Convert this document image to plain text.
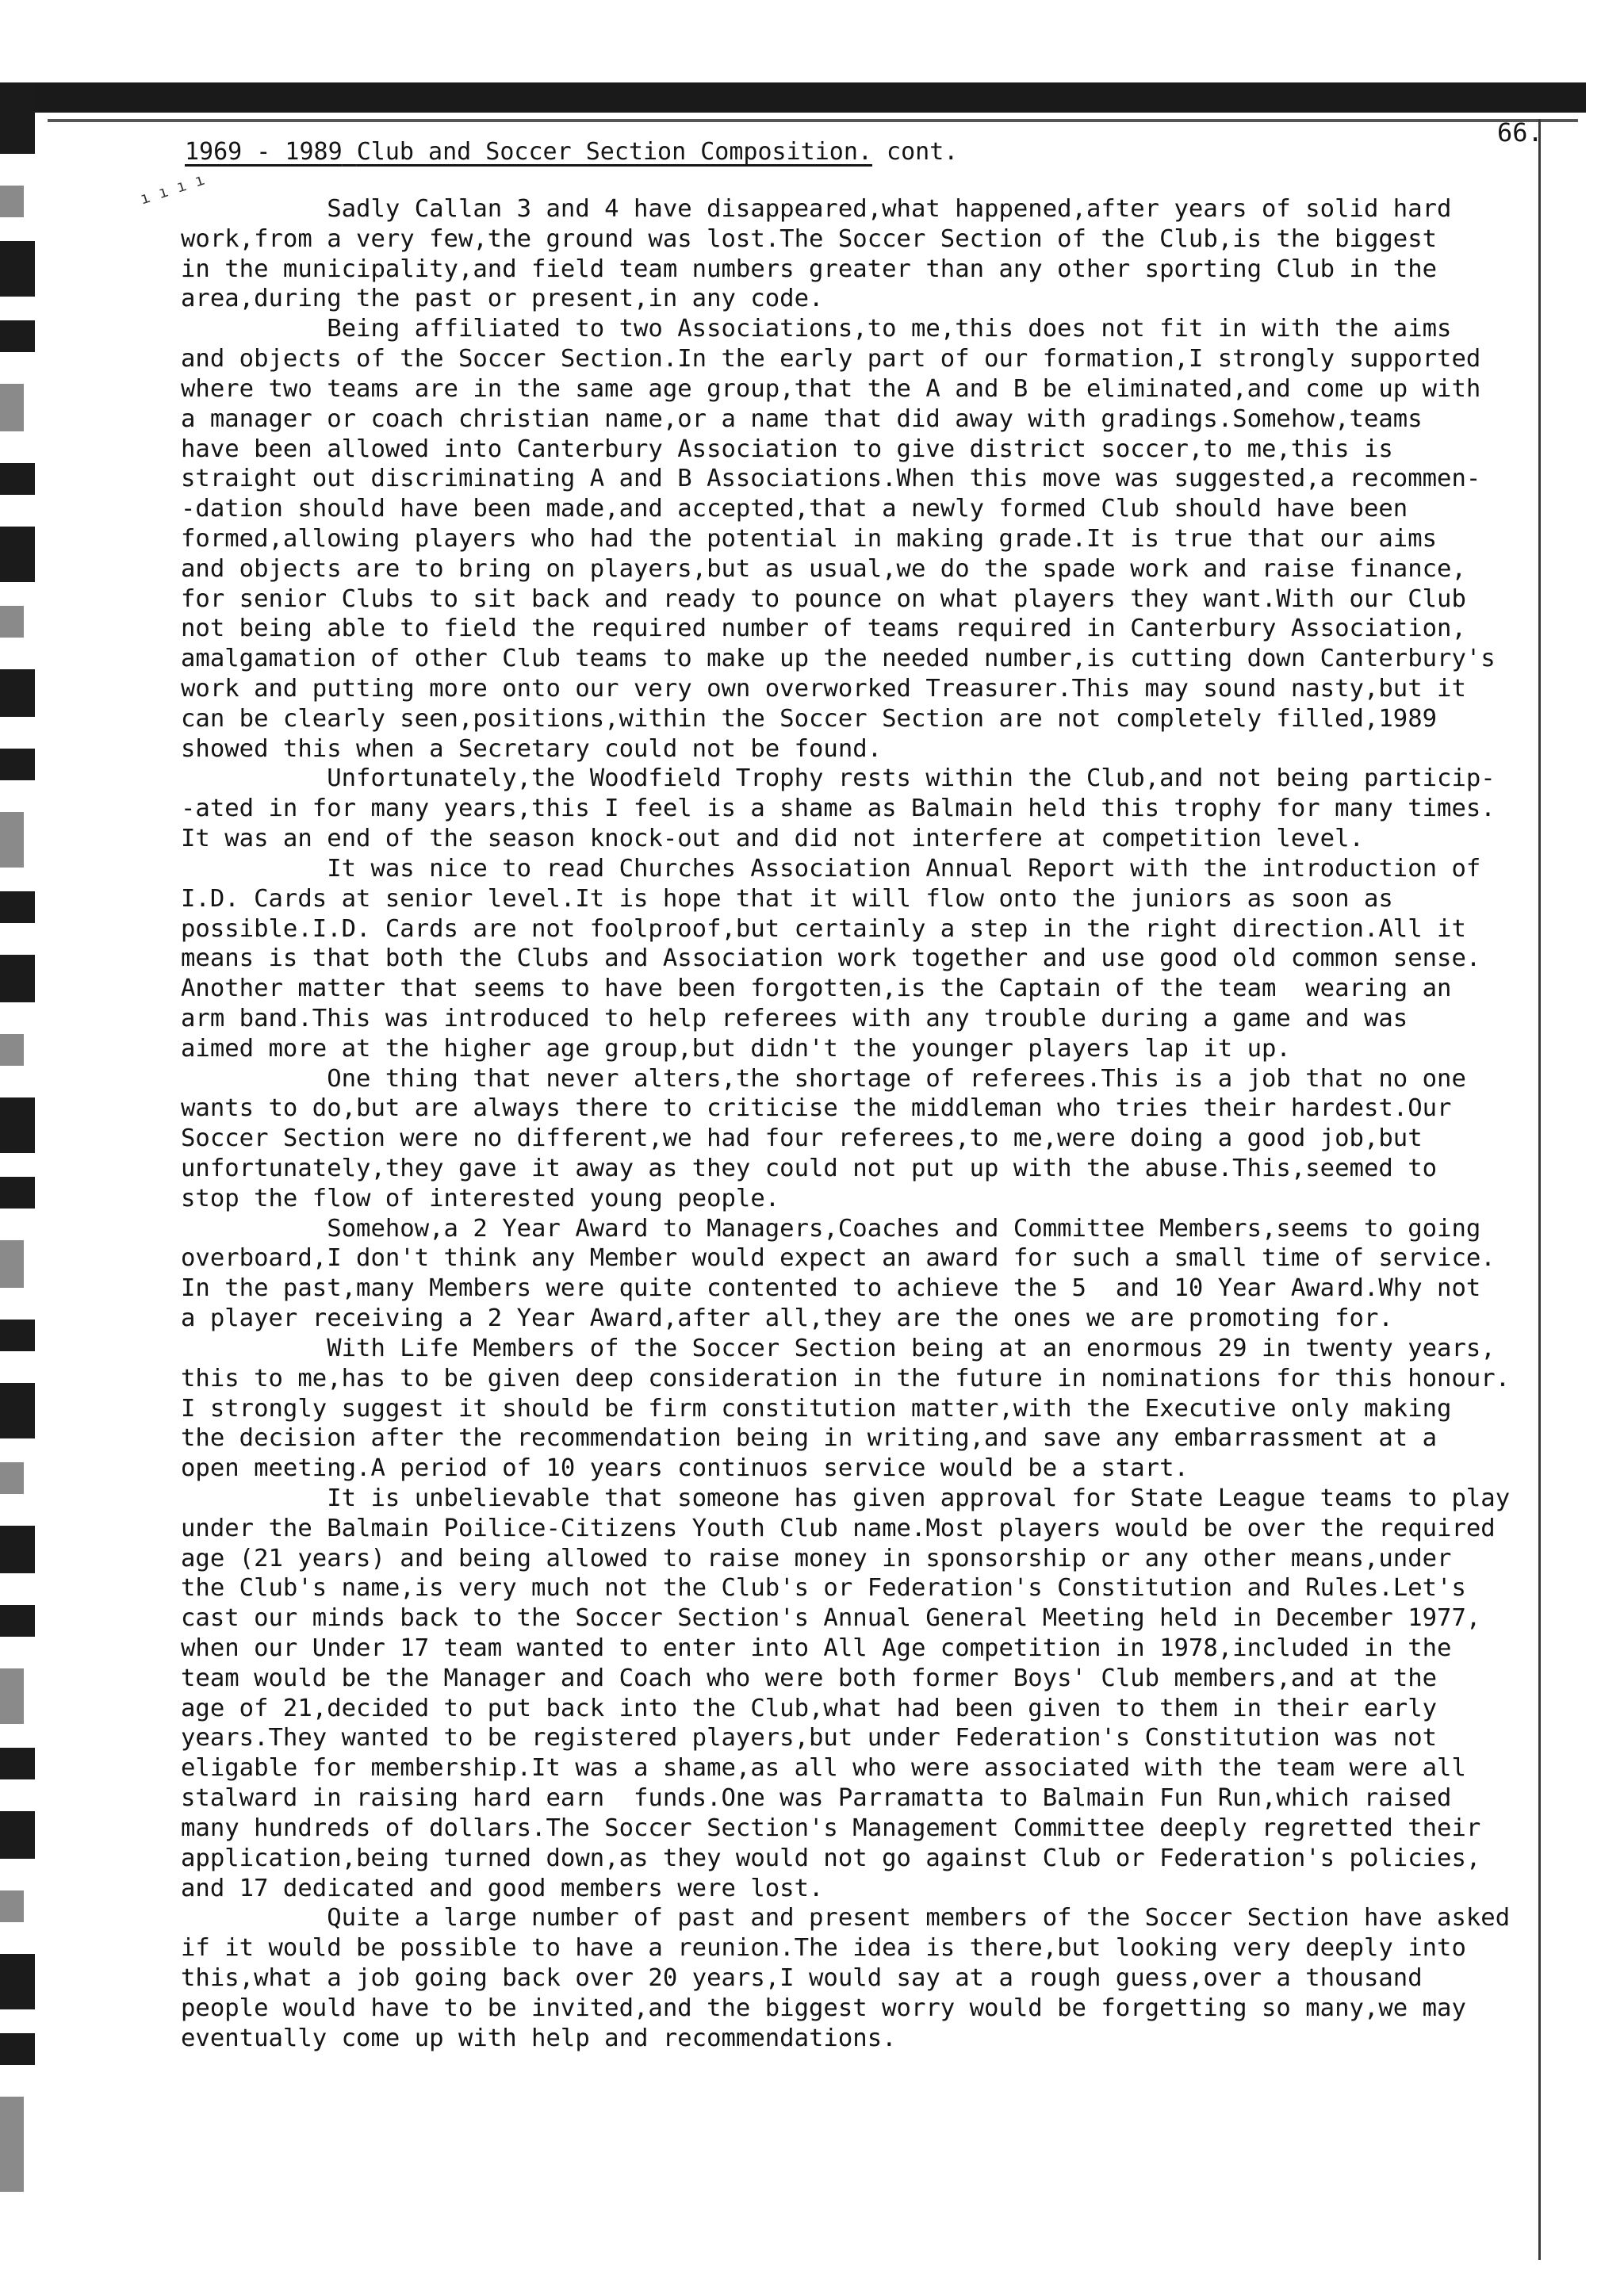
66.
1969 - 1989 Club and Soccer Section Composition. cont.
ı ı ı ı
Sadly Callan 3 and 4 have disappeared,what happened,after years of solid hard
work,from a very few,the ground was lost.The Soccer Section of the Club,is the biggest
in the municipality,and field team numbers greater than any other sporting Club in the
area,during the past or present,in any code.
Being affiliated to two Associations,to me,this does not fit in with the aims
and objects of the Soccer Section.In the early part of our formation,I strongly supported
where two teams are in the same age group,that the A and B be eliminated,and come up with
a manager or coach christian name,or a name that did away with gradings.Somehow,teams
have been allowed into Canterbury Association to give district soccer,to me,this is
straight out discriminating A and B Associations.When this move was suggested,a recommen-
-dation should have been made,and accepted,that a newly formed Club should have been
formed,allowing players who had the potential in making grade.It is true that our aims
and objects are to bring on players,but as usual,we do the spade work and raise finance,
for senior Clubs to sit back and ready to pounce on what players they want.With our Club
not being able to field the required number of teams required in Canterbury Association,
amalgamation of other Club teams to make up the needed number,is cutting down Canterbury's
work and putting more onto our very own overworked Treasurer.This may sound nasty,but it
can be clearly seen,positions,within the Soccer Section are not completely filled,1989
showed this when a Secretary could not be found.
Unfortunately,the Woodfield Trophy rests within the Club,and not being particip-
-ated in for many years,this I feel is a shame as Balmain held this trophy for many times.
It was an end of the season knock-out and did not interfere at competition level.
It was nice to read Churches Association Annual Report with the introduction of
I.D. Cards at senior level.It is hope that it will flow onto the juniors as soon as
possible.I.D. Cards are not foolproof,but certainly a step in the right direction.All it
means is that both the Clubs and Association work together and use good old common sense.
Another matter that seems to have been forgotten,is the Captain of the team  wearing an
arm band.This was introduced to help referees with any trouble during a game and was
aimed more at the higher age group,but didn't the younger players lap it up.
One thing that never alters,the shortage of referees.This is a job that no one
wants to do,but are always there to criticise the middleman who tries their hardest.Our
Soccer Section were no different,we had four referees,to me,were doing a good job,but
unfortunately,they gave it away as they could not put up with the abuse.This,seemed to
stop the flow of interested young people.
Somehow,a 2 Year Award to Managers,Coaches and Committee Members,seems to going
overboard,I don't think any Member would expect an award for such a small time of service.
In the past,many Members were quite contented to achieve the 5  and 10 Year Award.Why not
a player receiving a 2 Year Award,after all,they are the ones we are promoting for.
With Life Members of the Soccer Section being at an enormous 29 in twenty years,
this to me,has to be given deep consideration in the future in nominations for this honour.
I strongly suggest it should be firm constitution matter,with the Executive only making
the decision after the recommendation being in writing,and save any embarrassment at a
open meeting.A period of 10 years continuos service would be a start.
It is unbelievable that someone has given approval for State League teams to play
under the Balmain Poilice-Citizens Youth Club name.Most players would be over the required
age (21 years) and being allowed to raise money in sponsorship or any other means,under
the Club's name,is very much not the Club's or Federation's Constitution and Rules.Let's
cast our minds back to the Soccer Section's Annual General Meeting held in December 1977,
when our Under 17 team wanted to enter into All Age competition in 1978,included in the
team would be the Manager and Coach who were both former Boys' Club members,and at the
age of 21,decided to put back into the Club,what had been given to them in their early
years.They wanted to be registered players,but under Federation's Constitution was not
eligable for membership.It was a shame,as all who were associated with the team were all
stalward in raising hard earn  funds.One was Parramatta to Balmain Fun Run,which raised
many hundreds of dollars.The Soccer Section's Management Committee deeply regretted their
application,being turned down,as they would not go against Club or Federation's policies,
and 17 dedicated and good members were lost.
Quite a large number of past and present members of the Soccer Section have asked
if it would be possible to have a reunion.The idea is there,but looking very deeply into
this,what a job going back over 20 years,I would say at a rough guess,over a thousand
people would have to be invited,and the biggest worry would be forgetting so many,we may
eventually come up with help and recommendations.
